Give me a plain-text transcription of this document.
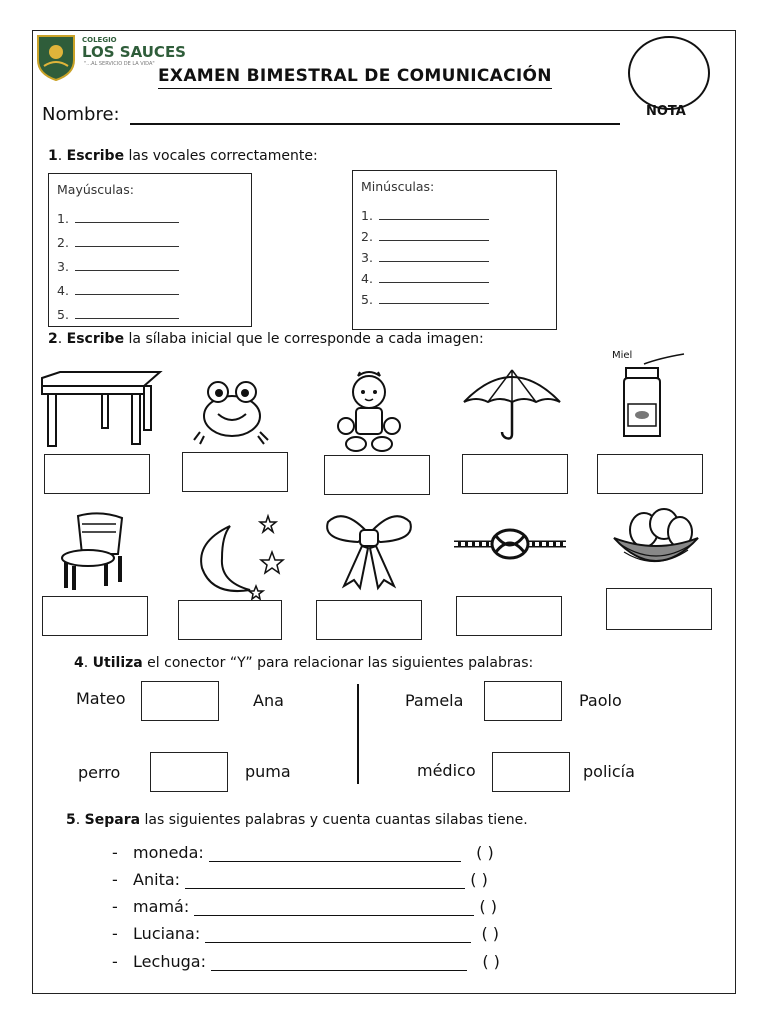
COLEGIO
LOS SAUCES
"...AL SERVICIO DE LA VIDA"
EXAMEN BIMESTRAL DE COMUNICACIÓN
NOTA
Nombre:
1. Escribe las vocales correctamente:
Mayúsculas:
1.
2.
3.
4.
5.
Minúsculas:
1.
2.
3.
4.
5.
2. Escribe la sílaba inicial que le corresponde a cada imagen:
Miel
4. Utiliza el conector “Y” para relacionar las siguientes palabras:
Mateo	Ana
perro	puma
Pamela	Paolo
médico	policía
5. Separa las siguientes palabras y cuenta cuantas silabas tiene.
- moneda:	( )
- Anita:	( )
- mamá:	( )
- Luciana:	( )
- Lechuga:	( )
